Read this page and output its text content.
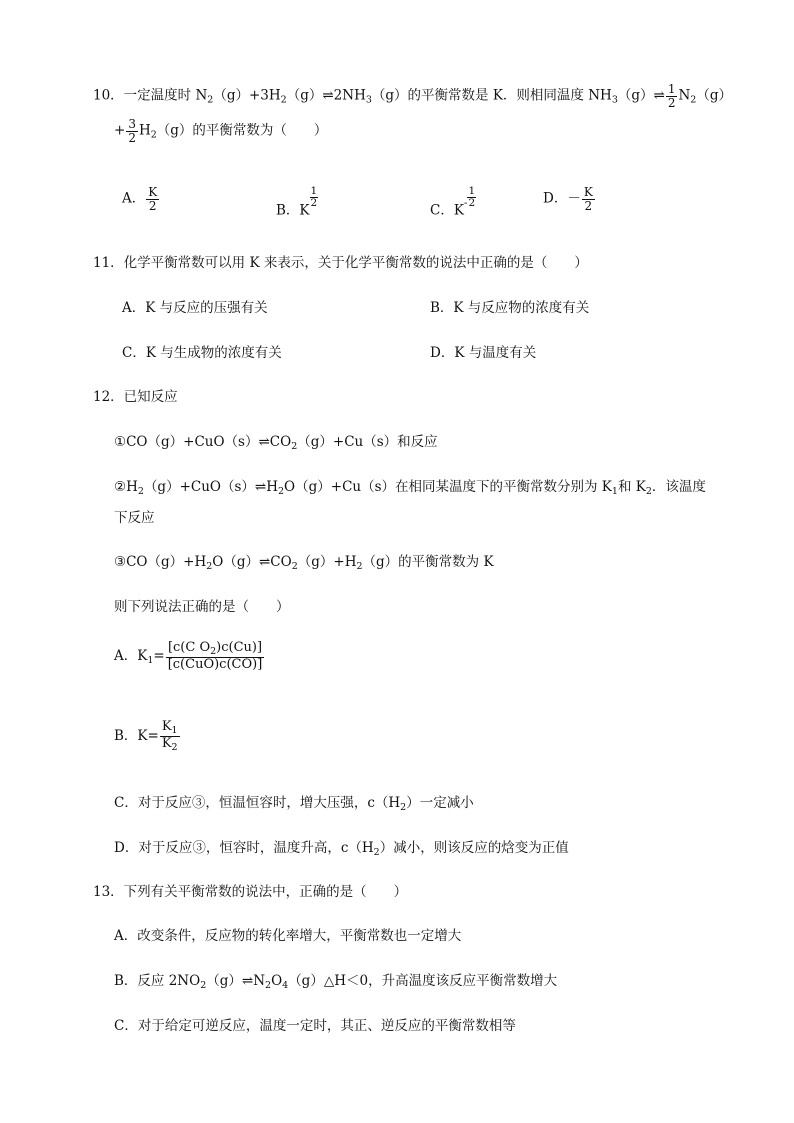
10．一定温度时 $N_2(g)+3H_2(g)\rightleftharpoons 2NH_3(g)$的平衡常数是 K．则相同温度 $NH_3(g)\rightleftharpoons \frac{1}{2} N_2(g)$
+ $\frac{3}{2} H_2(g)$的平衡常数为（　　）
A． $\frac{K}{2}$	B．K
$\frac{1}{2}$
C．$K- \frac{1}{2}$	D．－ $\frac{K}{2}$
11．化学平衡常数可以用 K 来表示，关于化学平衡常数的说法中正确的是（　　）
A．K 与反应的压强有关	B．K 与反应物的浓度有关
C．K 与生成物的浓度有关	D．K 与温度有关
12．已知反应
$①CO(g)+CuO(s)\rightleftharpoons CO_2(g)+Cu(s)$和反应
$②H_2(g)+CuO(s)\rightleftharpoons H_2O(g)+Cu(s)$在相同某温度下的平衡常数分别为 $K_1$和 $K_2$．该温度
下反应
$③CO(g)+H_2O(g)\rightleftharpoons CO_2(g)+H_2(g)$的平衡常数为 K
则下列说法正确的是（　　）
A．$K_1= \frac{[c(C O_2)c(Cu)]}{\text{[c(CuO)c(CO)]}}$
B．$K= \frac{K_1}{K_2}$
C．对于反应③，恒温恒容时，增大压强，$c(H_2)$一定减小
D．对于反应③，恒容时，温度升高，$c(H_2)$减小，则该反应的焓变为正值
13．下列有关平衡常数的说法中，正确的是（　　）
A．改变条件，反应物的转化率增大，平衡常数也一定增大
B．反应 $2NO_2(g)\rightleftharpoons N_2O_4(g)\triangle H<0$，升高温度该反应平衡常数增大
C．对于给定可逆反应，温度一定时，其正、逆反应的平衡常数相等
